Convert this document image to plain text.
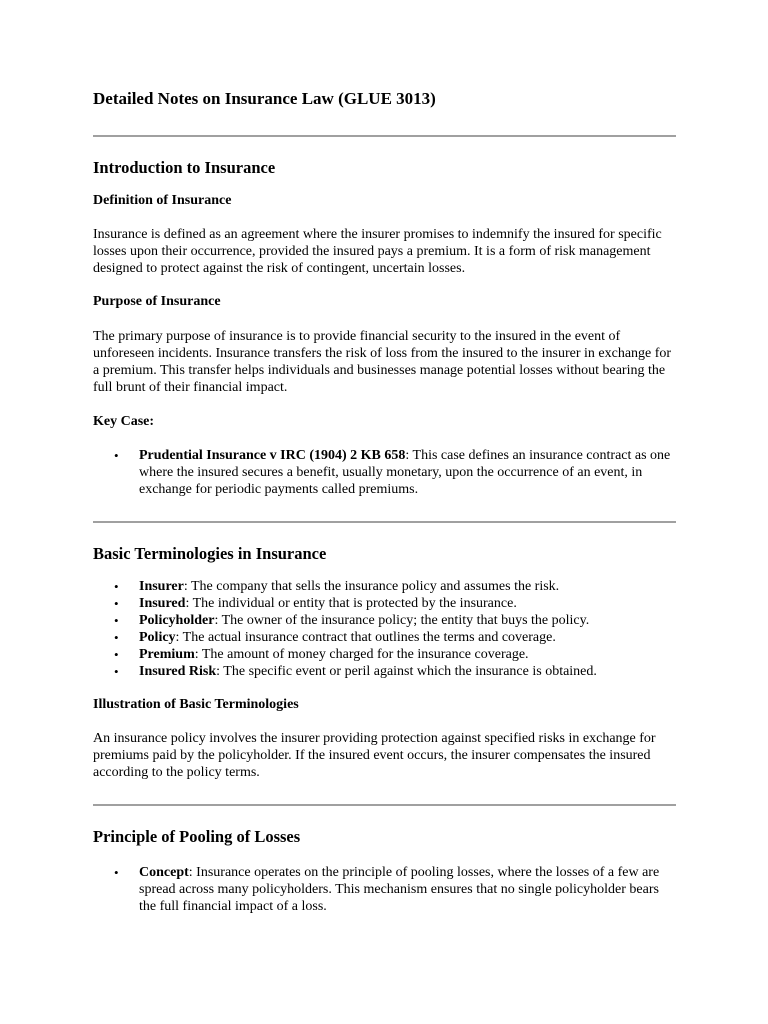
Detailed Notes on Insurance Law (GLUE 3013)
Introduction to Insurance
Definition of Insurance

Insurance is defined as an agreement where the insurer promises to indemnify the insured for specific losses upon their occurrence, provided the insured pays a premium. It is a form of risk management designed to protect against the risk of contingent, uncertain losses.

Purpose of Insurance

The primary purpose of insurance is to provide financial security to the insured in the event of unforeseen incidents. Insurance transfers the risk of loss from the insured to the insurer in exchange for a premium. This transfer helps individuals and businesses manage potential losses without bearing the full brunt of their financial impact.

Key Case:
• Prudential Insurance v IRC (1904) 2 KB 658: This case defines an insurance contract as one where the insured secures a benefit, usually monetary, upon the occurrence of an event, in exchange for periodic payments called premiums.
Basic Terminologies in Insurance
• Insurer: The company that sells the insurance policy and assumes the risk.
• Insured: The individual or entity that is protected by the insurance.
• Policyholder: The owner of the insurance policy; the entity that buys the policy.
• Policy: The actual insurance contract that outlines the terms and coverage.
• Premium: The amount of money charged for the insurance coverage.
• Insured Risk: The specific event or peril against which the insurance is obtained.
Illustration of Basic Terminologies

An insurance policy involves the insurer providing protection against specified risks in exchange for premiums paid by the policyholder. If the insured event occurs, the insurer compensates the insured according to the policy terms.

Principle of Pooling of Losses
• Concept: Insurance operates on the principle of pooling losses, where the losses of a few are spread across many policyholders. This mechanism ensures that no single policyholder bears the full financial impact of a loss.
